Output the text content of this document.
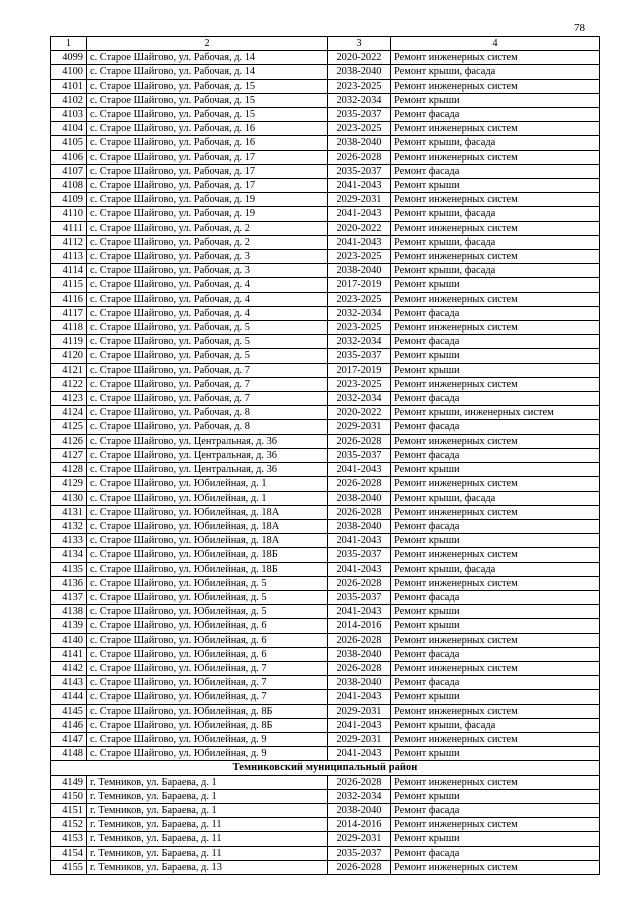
78
1	2	3	4
4099	с. Старое Шайгово, ул. Рабочая, д. 14	2020-2022	Ремонт инженерных систем
4100	с. Старое Шайгово, ул. Рабочая, д. 14	2038-2040	Ремонт крыши, фасада
4101	с. Старое Шайгово, ул. Рабочая, д. 15	2023-2025	Ремонт инженерных систем
4102	с. Старое Шайгово, ул. Рабочая, д. 15	2032-2034	Ремонт крыши
4103	с. Старое Шайгово, ул. Рабочая, д. 15	2035-2037	Ремонт фасада
4104	с. Старое Шайгово, ул. Рабочая, д. 16	2023-2025	Ремонт инженерных систем
4105	с. Старое Шайгово, ул. Рабочая, д. 16	2038-2040	Ремонт крыши, фасада
4106	с. Старое Шайгово, ул. Рабочая, д. 17	2026-2028	Ремонт инженерных систем
4107	с. Старое Шайгово, ул. Рабочая, д. 17	2035-2037	Ремонт фасада
4108	с. Старое Шайгово, ул. Рабочая, д. 17	2041-2043	Ремонт крыши
4109	с. Старое Шайгово, ул. Рабочая, д. 19	2029-2031	Ремонт инженерных систем
4110	с. Старое Шайгово, ул. Рабочая, д. 19	2041-2043	Ремонт крыши, фасада
4111	с. Старое Шайгово, ул. Рабочая, д. 2	2020-2022	Ремонт инженерных систем
4112	с. Старое Шайгово, ул. Рабочая, д. 2	2041-2043	Ремонт крыши, фасада
4113	с. Старое Шайгово, ул. Рабочая, д. 3	2023-2025	Ремонт инженерных систем
4114	с. Старое Шайгово, ул. Рабочая, д. 3	2038-2040	Ремонт крыши, фасада
4115	с. Старое Шайгово, ул. Рабочая, д. 4	2017-2019	Ремонт крыши
4116	с. Старое Шайгово, ул. Рабочая, д. 4	2023-2025	Ремонт инженерных систем
4117	с. Старое Шайгово, ул. Рабочая, д. 4	2032-2034	Ремонт фасада
4118	с. Старое Шайгово, ул. Рабочая, д. 5	2023-2025	Ремонт инженерных систем
4119	с. Старое Шайгово, ул. Рабочая, д. 5	2032-2034	Ремонт фасада
4120	с. Старое Шайгово, ул. Рабочая, д. 5	2035-2037	Ремонт крыши
4121	с. Старое Шайгово, ул. Рабочая, д. 7	2017-2019	Ремонт крыши
4122	с. Старое Шайгово, ул. Рабочая, д. 7	2023-2025	Ремонт инженерных систем
4123	с. Старое Шайгово, ул. Рабочая, д. 7	2032-2034	Ремонт фасада
4124	с. Старое Шайгово, ул. Рабочая, д. 8	2020-2022	Ремонт крыши, инженерных систем
4125	с. Старое Шайгово, ул. Рабочая, д. 8	2029-2031	Ремонт фасада
4126	с. Старое Шайгово, ул. Центральная, д. 36	2026-2028	Ремонт инженерных систем
4127	с. Старое Шайгово, ул. Центральная, д. 36	2035-2037	Ремонт фасада
4128	с. Старое Шайгово, ул. Центральная, д. 36	2041-2043	Ремонт крыши
4129	с. Старое Шайгово, ул. Юбилейная, д. 1	2026-2028	Ремонт инженерных систем
4130	с. Старое Шайгово, ул. Юбилейная, д. 1	2038-2040	Ремонт крыши, фасада
4131	с. Старое Шайгово, ул. Юбилейная, д. 18А	2026-2028	Ремонт инженерных систем
4132	с. Старое Шайгово, ул. Юбилейная, д. 18А	2038-2040	Ремонт фасада
4133	с. Старое Шайгово, ул. Юбилейная, д. 18А	2041-2043	Ремонт крыши
4134	с. Старое Шайгово, ул. Юбилейная, д. 18Б	2035-2037	Ремонт инженерных систем
4135	с. Старое Шайгово, ул. Юбилейная, д. 18Б	2041-2043	Ремонт крыши, фасада
4136	с. Старое Шайгово, ул. Юбилейная, д. 5	2026-2028	Ремонт инженерных систем
4137	с. Старое Шайгово, ул. Юбилейная, д. 5	2035-2037	Ремонт фасада
4138	с. Старое Шайгово, ул. Юбилейная, д. 5	2041-2043	Ремонт крыши
4139	с. Старое Шайгово, ул. Юбилейная, д. 6	2014-2016	Ремонт крыши
4140	с. Старое Шайгово, ул. Юбилейная, д. 6	2026-2028	Ремонт инженерных систем
4141	с. Старое Шайгово, ул. Юбилейная, д. 6	2038-2040	Ремонт фасада
4142	с. Старое Шайгово, ул. Юбилейная, д. 7	2026-2028	Ремонт инженерных систем
4143	с. Старое Шайгово, ул. Юбилейная, д. 7	2038-2040	Ремонт фасада
4144	с. Старое Шайгово, ул. Юбилейная, д. 7	2041-2043	Ремонт крыши
4145	с. Старое Шайгово, ул. Юбилейная, д. 8Б	2029-2031	Ремонт инженерных систем
4146	с. Старое Шайгово, ул. Юбилейная, д. 8Б	2041-2043	Ремонт крыши, фасада
4147	с. Старое Шайгово, ул. Юбилейная, д. 9	2029-2031	Ремонт инженерных систем
4148	с. Старое Шайгово, ул. Юбилейная, д. 9	2041-2043	Ремонт крыши
Темниковский муниципальный район			
4149	г. Темников, ул. Бараева, д. 1	2026-2028	Ремонт инженерных систем
4150	г. Темников, ул. Бараева, д. 1	2032-2034	Ремонт крыши
4151	г. Темников, ул. Бараева, д. 1	2038-2040	Ремонт фасада
4152	г. Темников, ул. Бараева, д. 11	2014-2016	Ремонт инженерных систем
4153	г. Темников, ул. Бараева, д. 11	2029-2031	Ремонт крыши
4154	г. Темников, ул. Бараева, д. 11	2035-2037	Ремонт фасада
4155	г. Темников, ул. Бараева, д. 13	2026-2028	Ремонт инженерных систем
